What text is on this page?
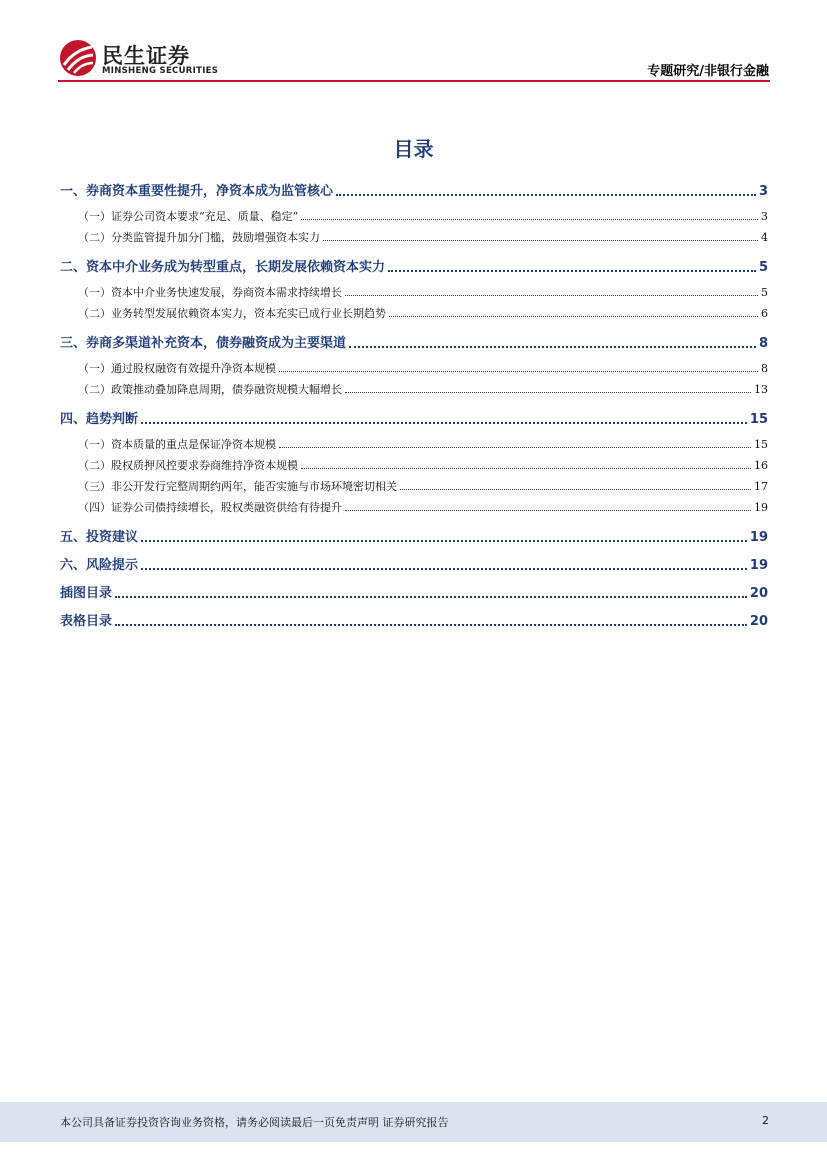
民生证券
MINSHENG SECURITIES	专题研究/非银行金融
目录
一、券商资本重要性提升，净资本成为监管核心	3
（一）证券公司资本要求“充足、质量、稳定”	3
（二）分类监管提升加分门槛，鼓励增强资本实力	4
二、资本中介业务成为转型重点，长期发展依赖资本实力	5
（一）资本中介业务快速发展，券商资本需求持续增长	5
（二）业务转型发展依赖资本实力，资本充实已成行业长期趋势	6
三、券商多渠道补充资本，债券融资成为主要渠道	8
（一）通过股权融资有效提升净资本规模	8
（二）政策推动叠加降息周期，债券融资规模大幅增长	13
四、趋势判断	15
（一）资本质量的重点是保证净资本规模	15
（二）股权质押风控要求券商维持净资本规模	16
（三）非公开发行完整周期约两年，能否实施与市场环境密切相关	17
（四）证券公司债持续增长，股权类融资供给有待提升	19
五、投资建议	19
六、风险提示	19
插图目录	20
表格目录	20
本公司具备证券投资咨询业务资格，请务必阅读最后一页免责声明 证券研究报告	2
